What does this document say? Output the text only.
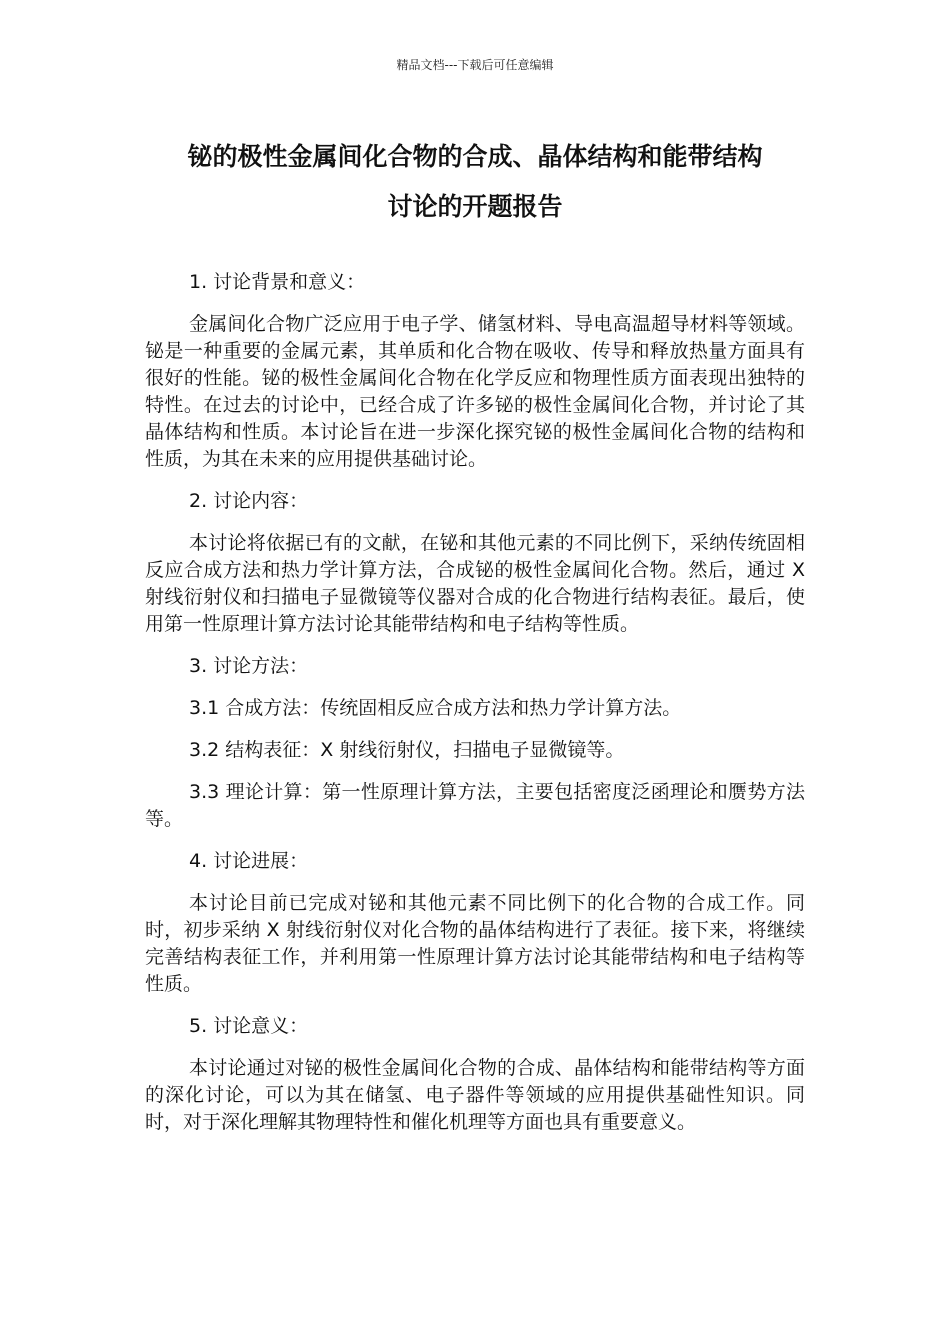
精品文档---下载后可任意编辑
铋的极性金属间化合物的合成、晶体结构和能带结构
讨论的开题报告

1. 讨论背景和意义：

金属间化合物广泛应用于电子学、储氢材料、导电高温超导材料等领域。铋是一种重要的金属元素，其单质和化合物在吸收、传导和释放热量方面具有很好的性能。铋的极性金属间化合物在化学反应和物理性质方面表现出独特的特性。在过去的讨论中，已经合成了许多铋的极性金属间化合物，并讨论了其晶体结构和性质。本讨论旨在进一步深化探究铋的极性金属间化合物的结构和性质，为其在未来的应用提供基础讨论。

2. 讨论内容：

本讨论将依据已有的文献，在铋和其他元素的不同比例下，采纳传统固相反应合成方法和热力学计算方法，合成铋的极性金属间化合物。然后，通过 X 射线衍射仪和扫描电子显微镜等仪器对合成的化合物进行结构表征。最后，使用第一性原理计算方法讨论其能带结构和电子结构等性质。

3. 讨论方法：

3.1 合成方法：传统固相反应合成方法和热力学计算方法。

3.2 结构表征：X 射线衍射仪，扫描电子显微镜等。

3.3 理论计算：第一性原理计算方法，主要包括密度泛函理论和赝势方法等。

4. 讨论进展：

本讨论目前已完成对铋和其他元素不同比例下的化合物的合成工作。同时，初步采纳 X 射线衍射仪对化合物的晶体结构进行了表征。接下来，将继续完善结构表征工作，并利用第一性原理计算方法讨论其能带结构和电子结构等性质。

5. 讨论意义：

本讨论通过对铋的极性金属间化合物的合成、晶体结构和能带结构等方面的深化讨论，可以为其在储氢、电子器件等领域的应用提供基础性知识。同时，对于深化理解其物理特性和催化机理等方面也具有重要意义。
